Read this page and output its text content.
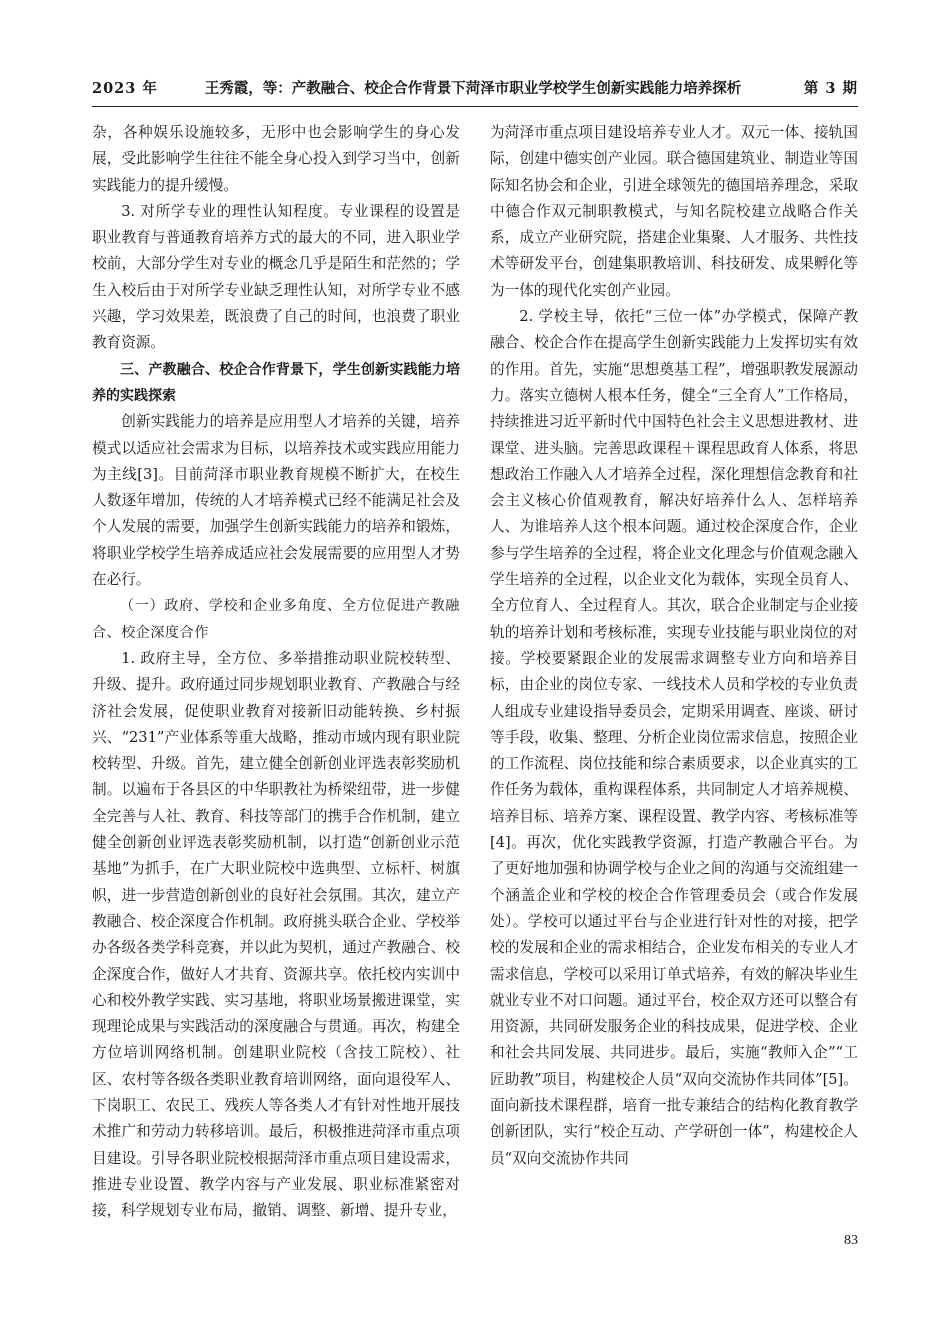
2023 年	王秀霞，等：产教融合、校企合作背景下菏泽市职业学校学生创新实践能力培养探析	第 3 期

杂，各种娱乐设施较多，无形中也会影响学生的身心发展，受此影响学生往往不能全身心投入到学习当中，创新实践能力的提升缓慢。

3. 对所学专业的理性认知程度。专业课程的设置是职业教育与普通教育培养方式的最大的不同，进入职业学校前，大部分学生对专业的概念几乎是陌生和茫然的；学生入校后由于对所学专业缺乏理性认知，对所学专业不感兴趣，学习效果差，既浪费了自己的时间，也浪费了职业教育资源。

三、产教融合、校企合作背景下，学生创新实践能力培养的实践探索

创新实践能力的培养是应用型人才培养的关键，培养模式以适应社会需求为目标，以培养技术或实践应用能力为主线[3]。目前菏泽市职业教育规模不断扩大，在校生人数逐年增加，传统的人才培养模式已经不能满足社会及个人发展的需要，加强学生创新实践能力的培养和锻炼，将职业学校学生培养成适应社会发展需要的应用型人才势在必行。

（一）政府、学校和企业多角度、全方位促进产教融合、校企深度合作

1. 政府主导，全方位、多举措推动职业院校转型、升级、提升。政府通过同步规划职业教育、产教融合与经济社会发展，促使职业教育对接新旧动能转换、乡村振兴、“231”产业体系等重大战略，推动市域内现有职业院校转型、升级。首先，建立健全创新创业评选表彰奖励机制。以遍布于各县区的中华职教社为桥梁纽带，进一步健全完善与人社、教育、科技等部门的携手合作机制，建立健全创新创业评选表彰奖励机制，以打造“创新创业示范基地”为抓手，在广大职业院校中选典型、立标杆、树旗帜，进一步营造创新创业的良好社会氛围。其次，建立产教融合、校企深度合作机制。政府挑头联合企业、学校举办各级各类学科竞赛，并以此为契机，通过产教融合、校企深度合作，做好人才共育、资源共享。依托校内实训中心和校外教学实践、实习基地，将职业场景搬进课堂，实现理论成果与实践活动的深度融合与贯通。再次，构建全方位培训网络机制。创建职业院校（含技工院校）、社区、农村等各级各类职业教育培训网络，面向退役军人、下岗职工、农民工、残疾人等各类人才有针对性地开展技术推广和劳动力转移培训。最后，积极推进菏泽市重点项目建设。引导各职业院校根据菏泽市重点项目建设需求，推进专业设置、教学内容与产业发展、职业标准紧密对接，科学规划专业布局，撤销、调整、新增、提升专业，

为菏泽市重点项目建设培养专业人才。双元一体、接轨国际，创建中德实创产业园。联合德国建筑业、制造业等国际知名协会和企业，引进全球领先的德国培养理念，采取中德合作双元制职教模式，与知名院校建立战略合作关系，成立产业研究院，搭建企业集聚、人才服务、共性技术等研发平台，创建集职教培训、科技研发、成果孵化等为一体的现代化实创产业园。

2. 学校主导，依托“三位一体”办学模式，保障产教融合、校企合作在提高学生创新实践能力上发挥切实有效的作用。首先，实施“思想奠基工程”，增强职教发展源动力。落实立德树人根本任务，健全“三全育人”工作格局，持续推进习近平新时代中国特色社会主义思想进教材、进课堂、进头脑。完善思政课程＋课程思政育人体系，将思想政治工作融入人才培养全过程，深化理想信念教育和社会主义核心价值观教育，解决好培养什么人、怎样培养人、为谁培养人这个根本问题。通过校企深度合作，企业参与学生培养的全过程，将企业文化理念与价值观念融入学生培养的全过程，以企业文化为载体，实现全员育人、全方位育人、全过程育人。其次，联合企业制定与企业接轨的培养计划和考核标准，实现专业技能与职业岗位的对接。学校要紧跟企业的发展需求调整专业方向和培养目标，由企业的岗位专家、一线技术人员和学校的专业负责人组成专业建设指导委员会，定期采用调查、座谈、研讨等手段，收集、整理、分析企业岗位需求信息，按照企业的工作流程、岗位技能和综合素质要求，以企业真实的工作任务为载体，重构课程体系，共同制定人才培养规模、培养目标、培养方案、课程设置、教学内容、考核标准等[4]。再次，优化实践教学资源，打造产教融合平台。为了更好地加强和协调学校与企业之间的沟通与交流组建一个涵盖企业和学校的校企合作管理委员会（或合作发展处）。学校可以通过平台与企业进行针对性的对接，把学校的发展和企业的需求相结合，企业发布相关的专业人才需求信息，学校可以采用订单式培养，有效的解决毕业生就业专业不对口问题。通过平台，校企双方还可以整合有用资源，共同研发服务企业的科技成果，促进学校、企业和社会共同发展、共同进步。最后，实施“教师入企”“工匠助教”项目，构建校企人员“双向交流协作共同体”[5]。面向新技术课程群，培育一批专兼结合的结构化教育教学创新团队，实行“校企互动、产学研创一体”，构建校企人员“双向交流协作共同

83
